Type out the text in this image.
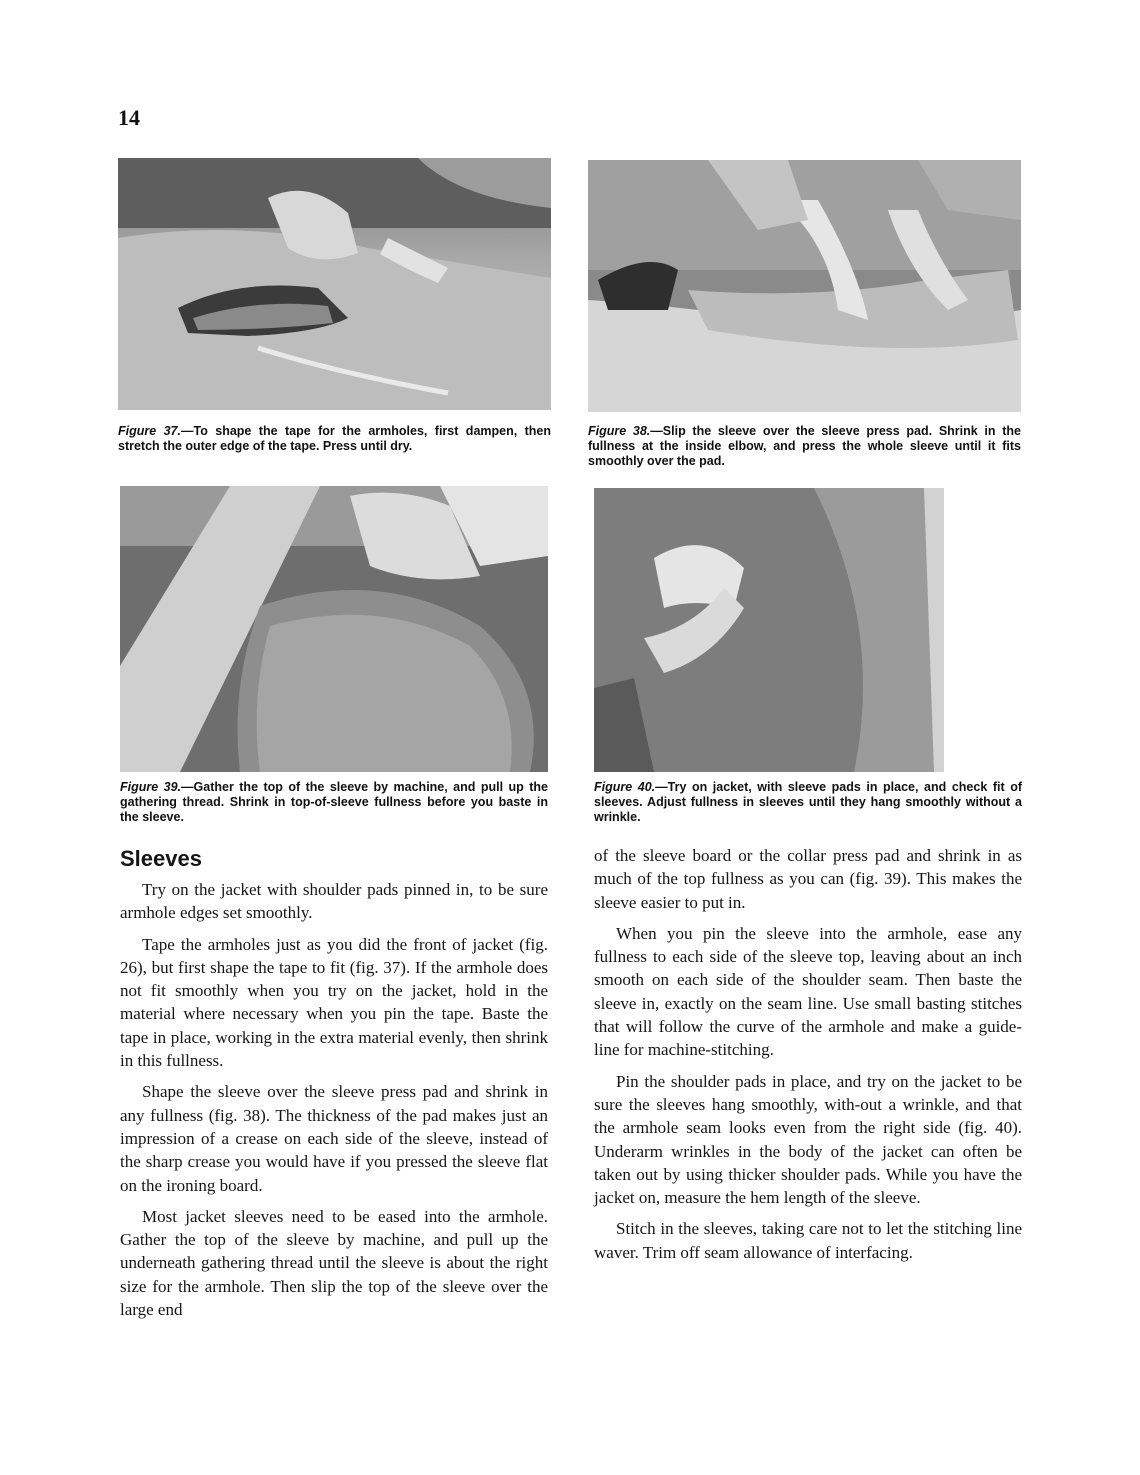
14
Figure 37.—To shape the tape for the armholes, first dampen, then stretch the outer edge of the tape. Press until dry.
Figure 38.—Slip the sleeve over the sleeve press pad. Shrink in the fullness at the inside elbow, and press the whole sleeve until it fits smoothly over the pad.
Figure 39.—Gather the top of the sleeve by machine, and pull up the gathering thread. Shrink in top-of-sleeve fullness before you baste in the sleeve.
Figure 40.—Try on jacket, with sleeve pads in place, and check fit of sleeves. Adjust fullness in sleeves until they hang smoothly without a wrinkle.
Sleeves

Try on the jacket with shoulder pads pinned in, to be sure armhole edges set smoothly.

Tape the armholes just as you did the front of jacket (fig. 26), but first shape the tape to fit (fig. 37). If the armhole does not fit smoothly when you try on the jacket, hold in the material where necessary when you pin the tape. Baste the tape in place, working in the extra material evenly, then shrink in this fullness.

Shape the sleeve over the sleeve press pad and shrink in any fullness (fig. 38). The thickness of the pad makes just an impression of a crease on each side of the sleeve, instead of the sharp crease you would have if you pressed the sleeve flat on the ironing board.

Most jacket sleeves need to be eased into the armhole. Gather the top of the sleeve by machine, and pull up the underneath gathering thread until the sleeve is about the right size for the armhole. Then slip the top of the sleeve over the large end

of the sleeve board or the collar press pad and shrink in as much of the top fullness as you can (fig. 39). This makes the sleeve easier to put in.

When you pin the sleeve into the armhole, ease any fullness to each side of the sleeve top, leaving about an inch smooth on each side of the shoulder seam. Then baste the sleeve in, exactly on the seam line. Use small basting stitches that will follow the curve of the armhole and make a guide-line for machine-stitching.

Pin the shoulder pads in place, and try on the jacket to be sure the sleeves hang smoothly, with-out a wrinkle, and that the armhole seam looks even from the right side (fig. 40). Underarm wrinkles in the body of the jacket can often be taken out by using thicker shoulder pads. While you have the jacket on, measure the hem length of the sleeve.

Stitch in the sleeves, taking care not to let the stitching line waver. Trim off seam allowance of interfacing.
